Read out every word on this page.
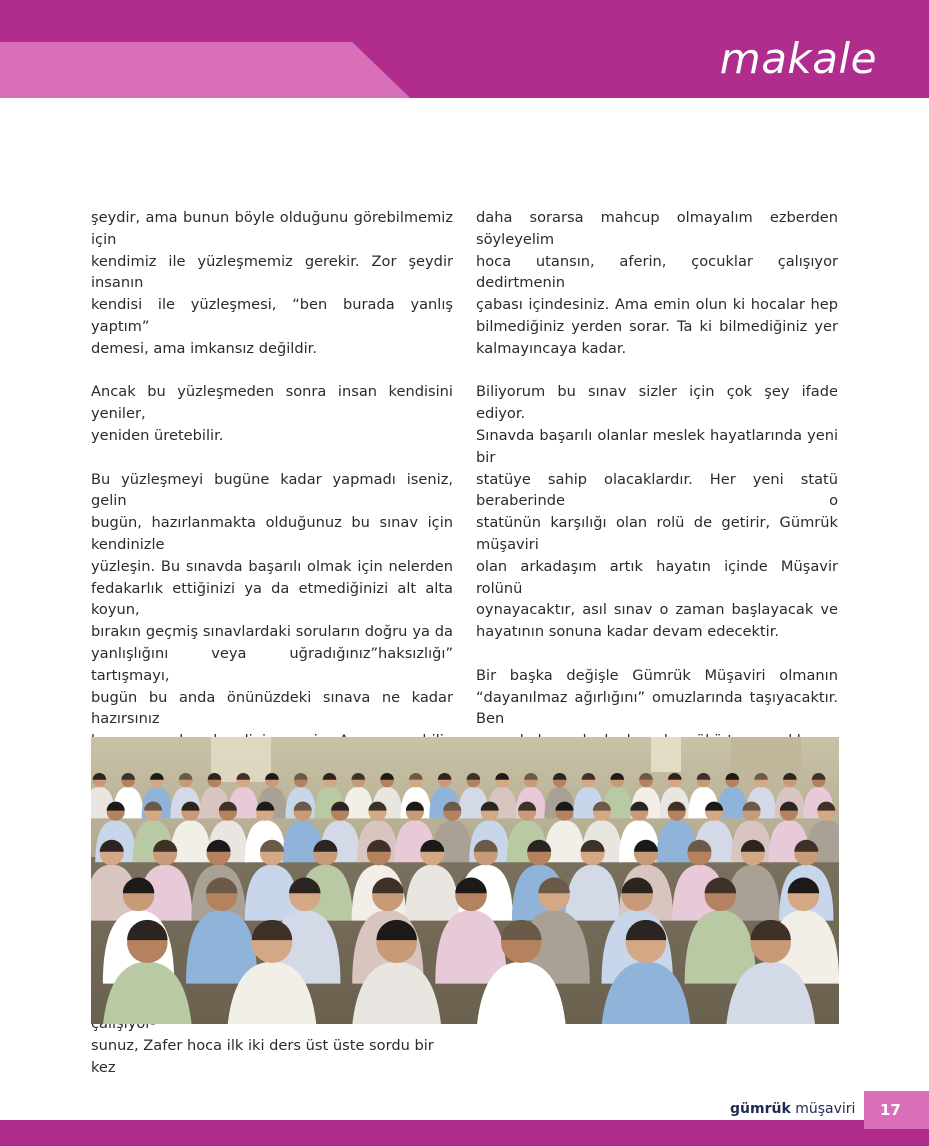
makale

şeydir, ama bunun böyle olduğunu görebilmemiz için
kendimiz ile yüzleşmemiz gerekir. Zor şeydir insanın
kendisi ile yüzleşmesi, “ben burada yanlış yaptım”
demesi, ama imkansız değildir.

Ancak bu yüzleşmeden sonra insan kendisini yeniler,
yeniden üretebilir.

Bu yüzleşmeyi bugüne kadar yapmadı iseniz, gelin
bugün, hazırlanmakta olduğunuz bu sınav için kendinizle
yüzleşin. Bu sınavda başarılı olmak için nelerden
fedakarlık ettiğinizi ya da etmediğinizi alt alta koyun,
bırakın geçmiş sınavlardaki soruların doğru ya da
yanlışlığını veya uğradığınız”haksızlığı” tartışmayı,
bugün bu anda önünüzdeki sınava ne kadar hazırsınız

sunuz, Zafer hoca ilk iki ders üst üste sordu bir kez

daha sorarsa mahcup olmayalım ezberden söyleyelim
hoca utansın, aferin, çocuklar çalışıyor dedirtmenin
çabası içindesiniz. Ama emin olun ki hocalar hep
bilmediğiniz yerden sorar. Ta ki bilmediğiniz yer
kalmayıncaya kadar.

Biliyorum bu sınav sizler için çok şey ifade ediyor.
Sınavda başarılı olanlar meslek hayatlarında yeni bir
statüye sahip olacaklardır. Her yeni statü beraberinde o
statünün karşılığı olan rolü de getirir, Gümrük müşaviri
olan arkadaşım artık hayatın içinde Müşavir rolünü
oynayacaktır, asıl sınav o zaman başlayacak ve
hayatının sonuna kadar devam edecektir.

Bir başka değişle Gümrük Müşaviri olmanın
“dayanılmaz ağırlığını” omuzlarında taşıyacaktır. Ben

gümrük müşaviri 17
